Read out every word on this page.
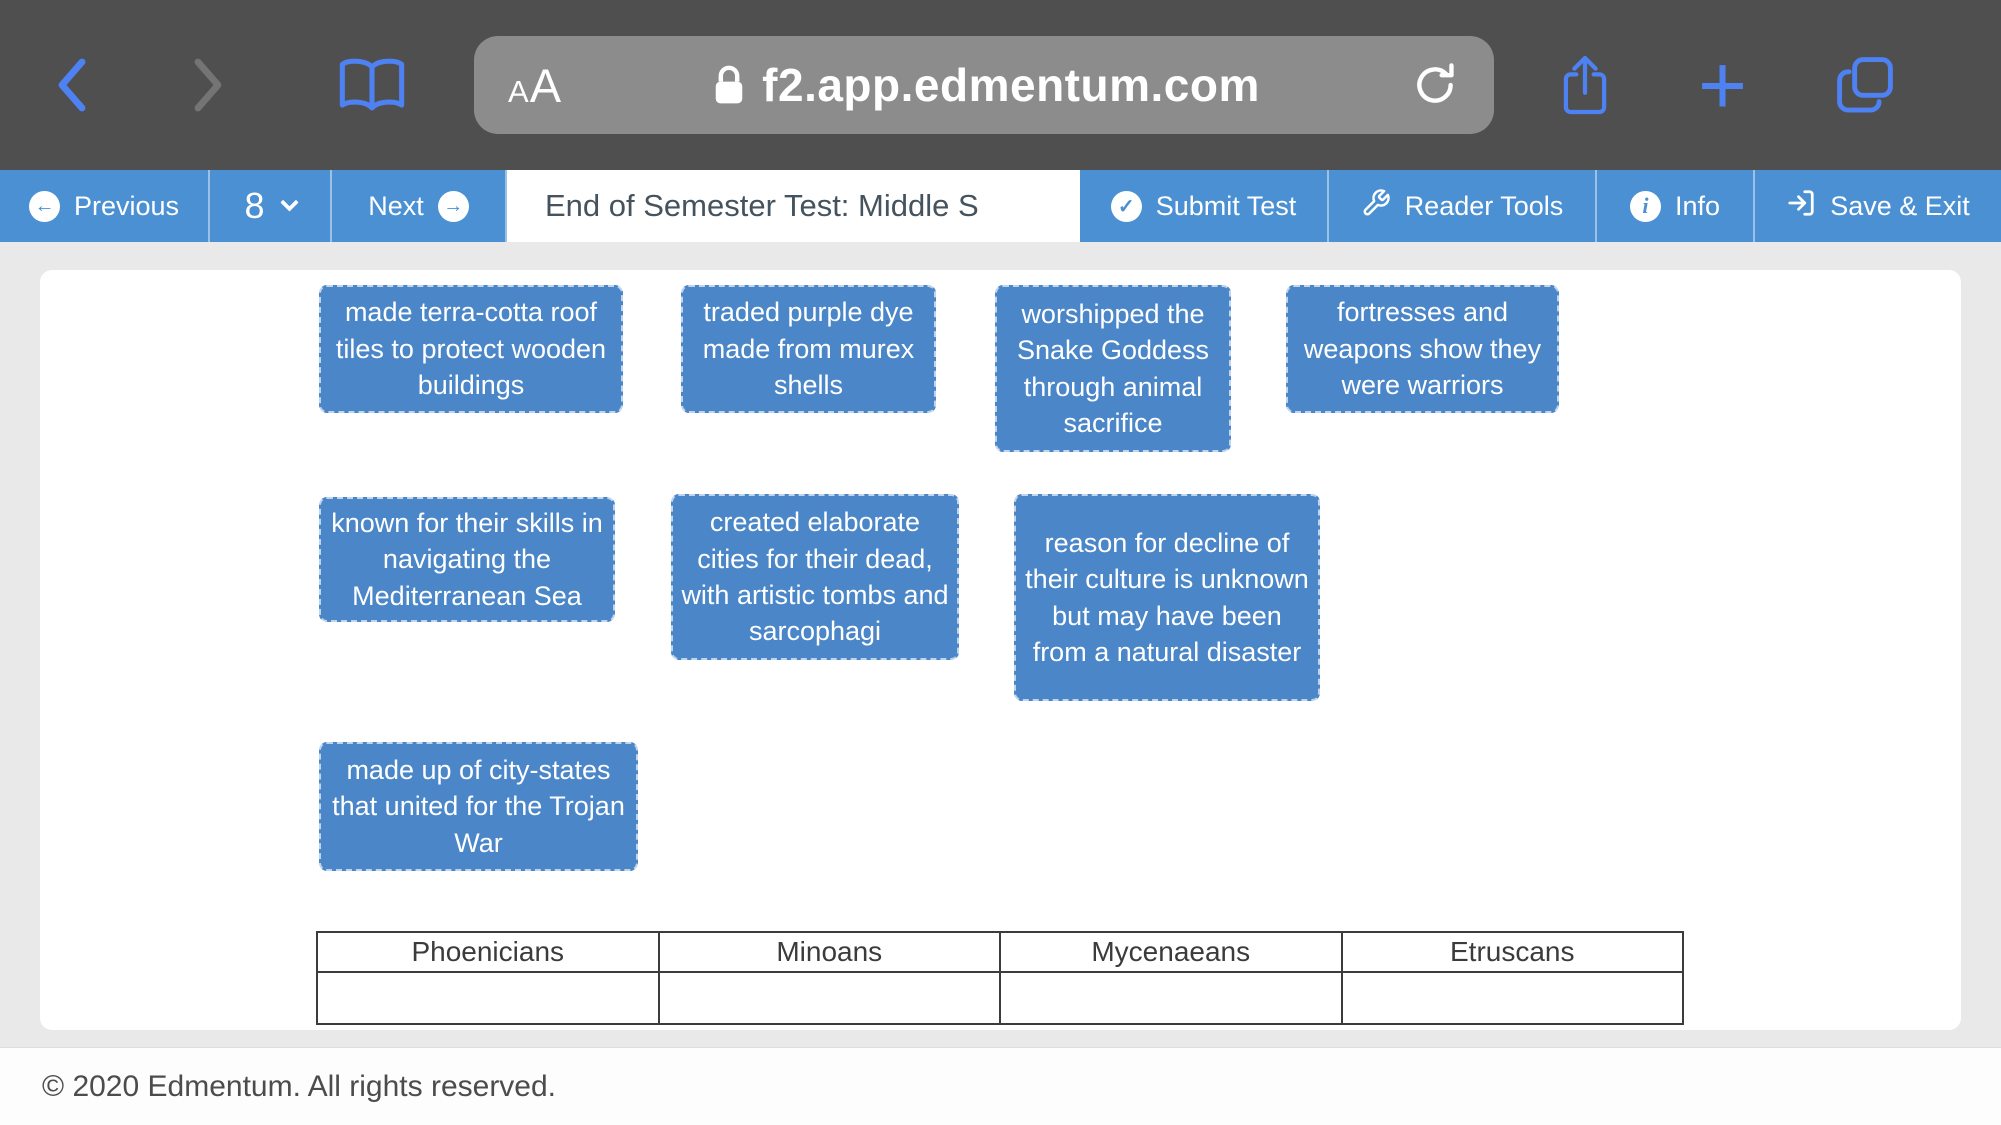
A A	f2.app.edmentum.com	+
← Previous 8	Next →	End of Semester Test: Middle S	✓ Submit Test	Reader Tools	i Info	Save & Exit
made terra-cotta roof tiles to protect wooden buildings
traded purple dye made from murex shells
worshipped the Snake Goddess through animal sacrifice
fortresses and weapons show they were warriors
known for their skills in navigating the Mediterranean Sea
created elaborate cities for their dead, with artistic tombs and sarcophagi
reason for decline of their culture is unknown but may have been from a natural disaster
made up of city-states that united for the Trojan War
Phoenicians	Minoans	Mycenaeans	Etruscans

© 2020 Edmentum. All rights reserved.
